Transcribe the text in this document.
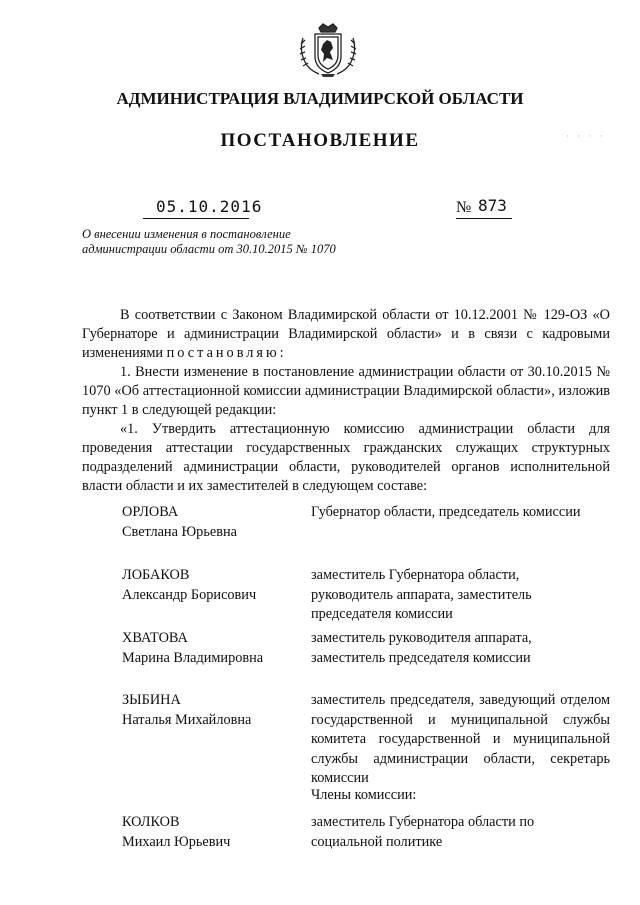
· · · ·
АДМИНИСТРАЦИЯ ВЛАДИМИРСКОЙ ОБЛАСТИ
ПОСТАНОВЛЕНИЕ
05.10.2016	№ 873
О внесении изменения в постановление
администрации области от 30.10.2015 № 1070

В соответствии с Законом Владимирской области от 10.12.2001 № 129-ОЗ «О Губернаторе и администрации Владимирской области» и в связи с кадровыми изменениями постановляю:

1. Внести изменение в постановление администрации области от 30.10.2015 № 1070 «Об аттестационной комиссии администрации Владимирской области», изложив пункт 1 в следующей редакции:

«1. Утвердить аттестационную комиссию администрации области для проведения аттестации государственных гражданских служащих структурных подразделений администрации области, руководителей органов исполнительной власти области и их заместителей в следующем составе:

ОРЛОВА
Светлана Юрьевна

Губернатор области, председатель комиссии

ЛОБАКОВ
Александр Борисович

заместитель Губернатора области,

руководитель аппарата, заместитель

председателя комиссии

ХВАТОВА
Марина Владимировна

заместитель руководителя аппарата,

заместитель председателя комиссии

ЗЫБИНА
Наталья Михайловна

заместитель председателя, заведующий отделом государственной и муниципальной службы комитета государственной и муниципальной службы администрации области, секретарь комиссии

Члены комиссии:
КОЛКОВ
Михаил Юрьевич

заместитель Губернатора области по

социальной политике
